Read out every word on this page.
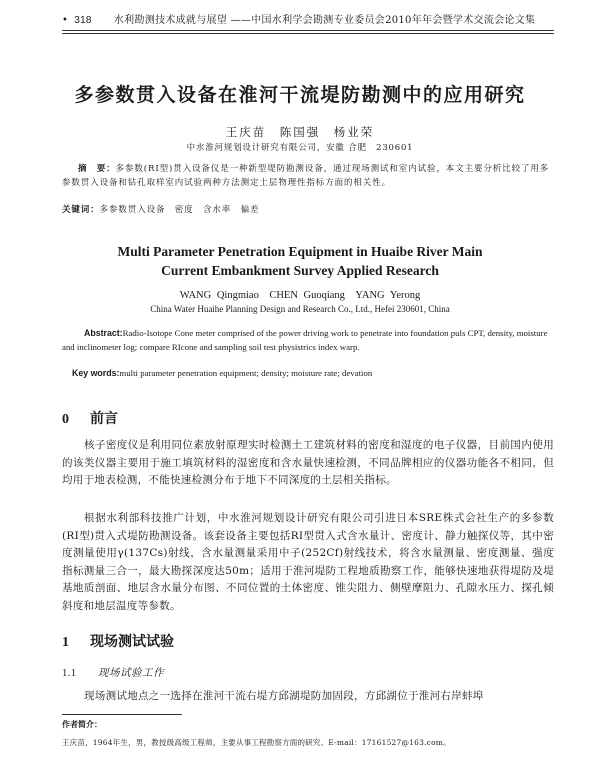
• 318 水利勘测技术成就与展望 ——中国水利学会勘测专业委员会2010年年会暨学术交流会论文集
多参数贯入设备在淮河干流堤防勘测中的应用研究
王庆苗　陈国强　杨业荣
中水淮河规划设计研究有限公司，安徽 合肥　230601
摘　要：多参数(RI型)贯入设备仪是一种新型堤防勘测设备，通过现场测试和室内试验，本文主要分析比较了用多参数贯入设备和钻孔取样室内试验两种方法测定土层物理性指标方面的相关性。
关键词：多参数贯入设备　密度　含水率　偏差
Multi Parameter Penetration Equipment in Huaibe River Main
Current Embankment Survey Applied Research
WANG Qingmiao　CHEN Guoqiang　YANG Yerong
China Water Huaihe Planning Design and Research Co., Ltd., Hefei 230601, China
Abstract:Radio-Isotope Cone meter comprised of the power driving work to penetrate into foundation puls CPT, density, moisture and inclinometer log; compare RIcone and sampling soil test physistrics index warp.
Key words:multi parameter penetration equipment; density; moisture rate; devation
0 前言
核子密度仪是利用同位素放射原理实时检测土工建筑材料的密度和湿度的电子仪器，目前国内使用的该类仪器主要用于施工填筑材料的湿密度和含水量快速检测，不同品牌相应的仪器功能各不相同，但均用于地表检测，不能快速检测分布于地下不同深度的土层相关指标。
根据水利部科技推广计划，中水淮河规划设计研究有限公司引进日本SRE株式会社生产的多参数(RI型)贯入式堤防勘测设备。该套设备主要包括RI型贯入式含水量计、密度计、静力触探仪等，其中密度测量使用γ(137Cs)射线，含水量测量采用中子(252Cf)射线技术，将含水量测量、密度测量、强度指标测量三合一，最大勘探深度达50m；适用于淮河堤防工程地质勘察工作，能够快速地获得堤防及堤基地质剖面、地层含水量分布图、不同位置的土体密度、锥尖阻力、侧壁摩阻力、孔隙水压力、探孔倾斜度和地层温度等参数。
1 现场测试试验
1.1 现场试验工作
现场测试地点之一选择在淮河干流右堤方邱湖堤防加固段，方邱湖位于淮河右岸蚌埠
作者简介：
王庆苗，1964年生，男，教授级高级工程师，主要从事工程勘察方面的研究。E-mail：17161527@163.com。
